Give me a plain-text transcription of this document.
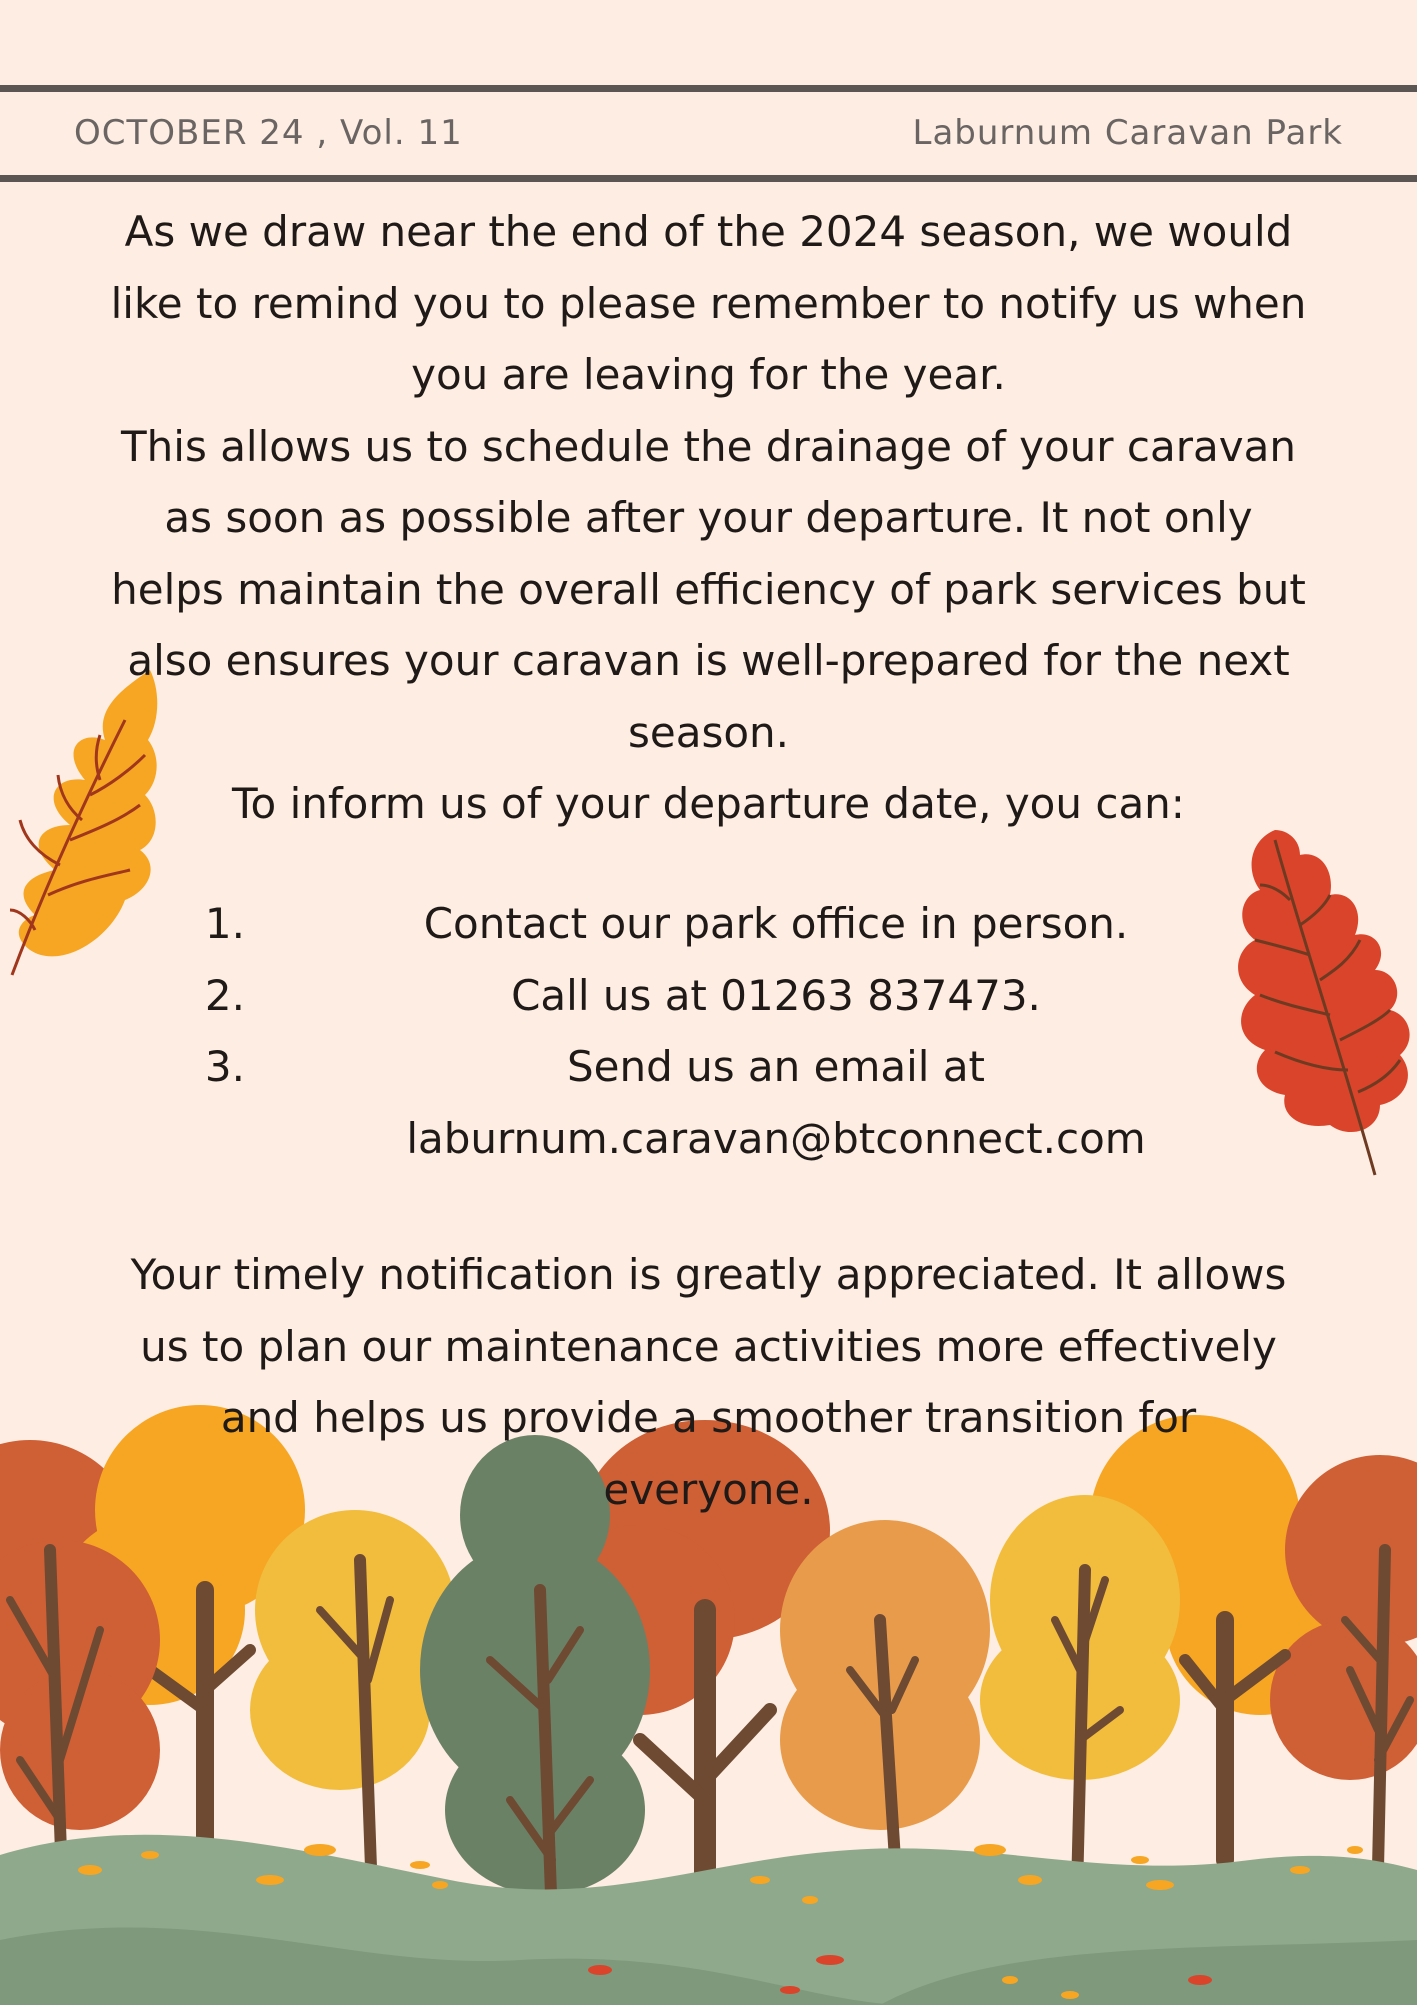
OCTOBER 24 , Vol. 11	Laburnum Caravan Park

As we draw near the end of the 2024 season, we would like to remind you to please remember to notify us when you are leaving for the year.

This allows us to schedule the drainage of your caravan as soon as possible after your departure. It not only helps maintain the overall efficiency of park services but also ensures your caravan is well-prepared for the next season.

To inform us of your departure date, you can:

1.	Contact our park office in person.
2.	Call us at 01263 837473.
3.	Send us an email at laburnum.caravan@btconnect.com
Your timely notification is greatly appreciated. It allows us to plan our maintenance activities more effectively and helps us provide a smoother transition for everyone.
